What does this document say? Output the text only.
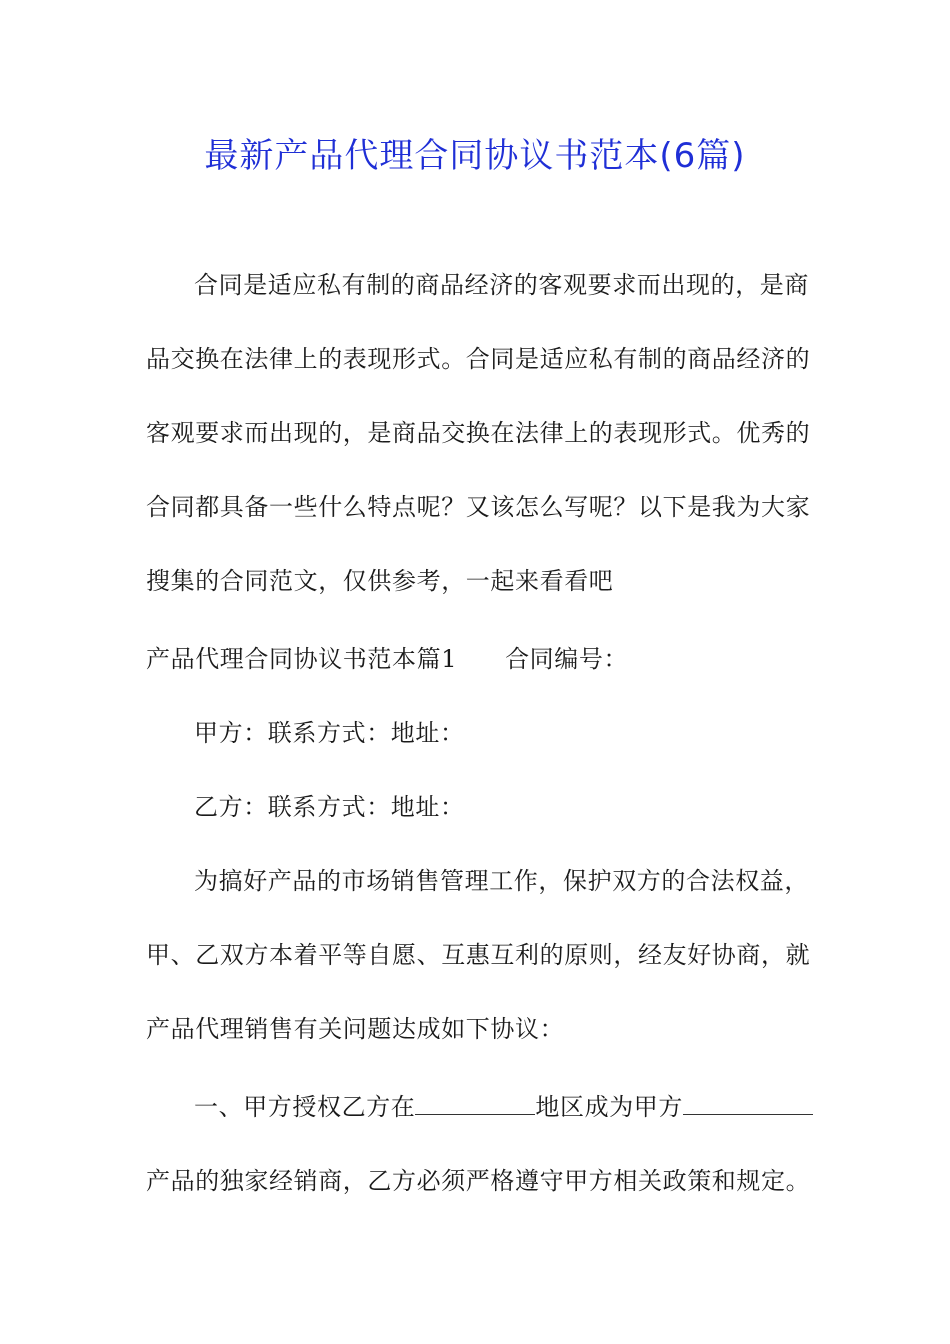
最新产品代理合同协议书范本(6篇)
合同是适应私有制的商品经济的客观要求而出现的，是商
品交换在法律上的表现形式。合同是适应私有制的商品经济的
客观要求而出现的，是商品交换在法律上的表现形式。优秀的
合同都具备一些什么特点呢？又该怎么写呢？以下是我为大家
搜集的合同范文，仅供参考，一起来看看吧
产品代理合同协议书范本篇1 合同编号：
甲方：联系方式：地址：
乙方：联系方式：地址：
为搞好产品的市场销售管理工作，保护双方的合法权益，
甲、乙双方本着平等自愿、互惠互利的原则，经友好协商，就
产品代理销售有关问题达成如下协议：
一、甲方授权乙方在	地区成为甲方
产品的独家经销商，乙方必须严格遵守甲方相关政策和规定。
